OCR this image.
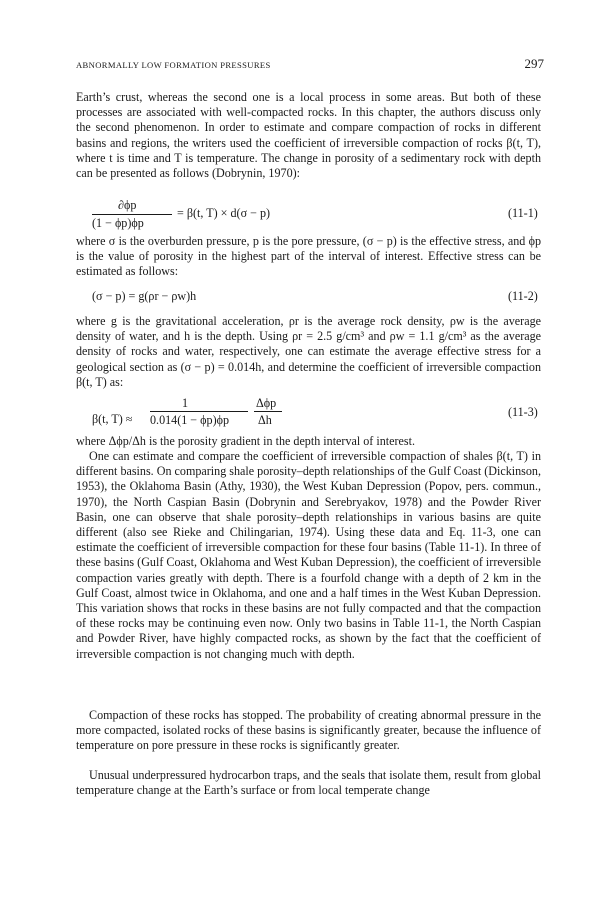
ABNORMALLY LOW FORMATION PRESSURES	297

Earth’s crust, whereas the second one is a local process in some areas. But both of these processes are associated with well-compacted rocks. In this chapter, the authors discuss only the second phenomenon. In order to estimate and compare compaction of rocks in different basins and regions, the writers used the coefficient of irreversible compaction of rocks β(t, T), where t is time and T is temperature. The change in porosity of a sedimentary rock with depth can be presented as follows (Dobrynin, 1970):

∂ϕp
(1 − ϕp)ϕp
= β(t, T) × d(σ − p)	(11-1)

where σ is the overburden pressure, p is the pore pressure, (σ − p) is the effective stress, and ϕp is the value of porosity in the highest part of the interval of interest. Effective stress can be estimated as follows:

(σ − p) = g(ρr − ρw)h	(11-2)

where g is the gravitational acceleration, ρr is the average rock density, ρw is the average density of water, and h is the depth. Using ρr = 2.5 g/cm³ and ρw = 1.1 g/cm³ as the average density of rocks and water, respectively, one can estimate the average effective stress for a geological section as (σ − p) = 0.014h, and determine the coefficient of irreversible compaction β(t, T) as:

β(t, T) ≈
1
0.014(1 − ϕp)ϕp
Δϕp
Δh
(11-3)

where Δϕp/Δh is the porosity gradient in the depth interval of interest.

One can estimate and compare the coefficient of irreversible compaction of shales β(t, T) in different basins. On comparing shale porosity–depth relationships of the Gulf Coast (Dickinson, 1953), the Oklahoma Basin (Athy, 1930), the West Kuban Depression (Popov, pers. commun., 1970), the North Caspian Basin (Dobrynin and Serebryakov, 1978) and the Powder River Basin, one can observe that shale porosity–depth relationships in various basins are quite different (also see Rieke and Chilingarian, 1974). Using these data and Eq. 11-3, one can estimate the coefficient of irreversible compaction for these four basins (Table 11-1). In three of these basins (Gulf Coast, Oklahoma and West Kuban Depression), the coefficient of irreversible compaction varies greatly with depth. There is a fourfold change with a depth of 2 km in the Gulf Coast, almost twice in Oklahoma, and one and a half times in the West Kuban Depression. This variation shows that rocks in these basins are not fully compacted and that the compaction of these rocks may be continuing even now. Only two basins in Table 11-1, the North Caspian and Powder River, have highly compacted rocks, as shown by the fact that the coefficient of irreversible compaction is not changing much with depth.

Compaction of these rocks has stopped. The probability of creating abnormal pressure in the more compacted, isolated rocks of these basins is significantly greater, because the influence of temperature on pore pressure in these rocks is significantly greater.

Unusual underpressured hydrocarbon traps, and the seals that isolate them, result from global temperature change at the Earth’s surface or from local temperate change
